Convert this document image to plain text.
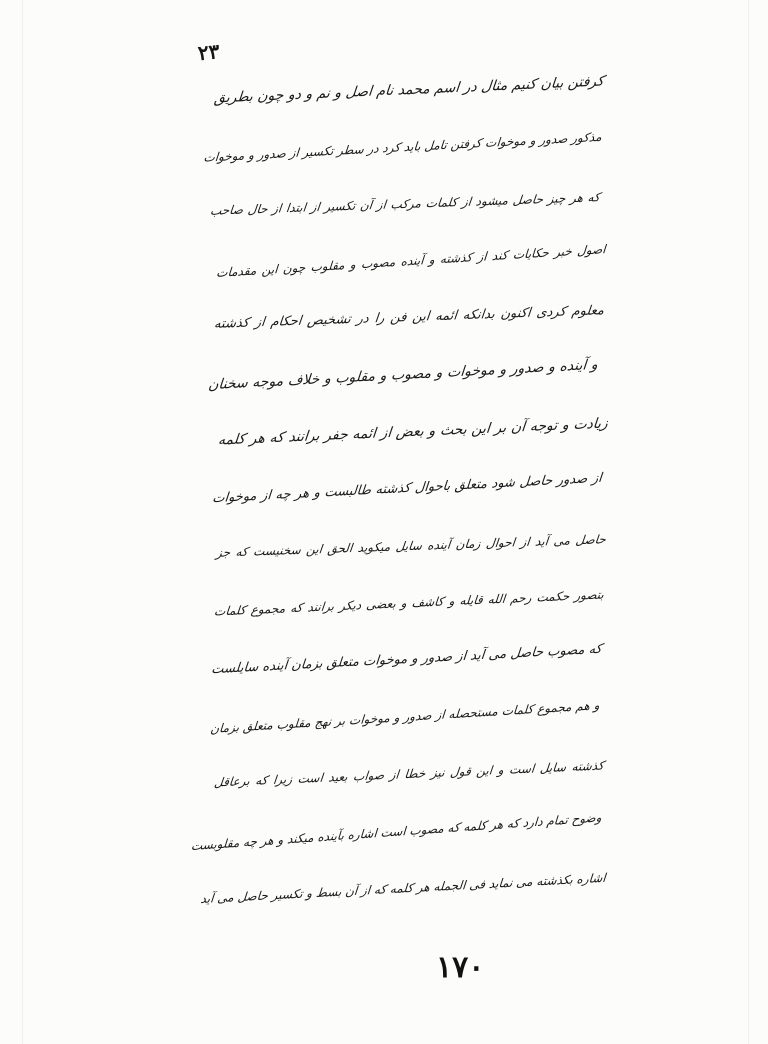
۲۳
کرفتن بیان کنیم مثال در اسم محمد نام اصل و نم و دو چون بطریق
مذکور صدور و موخوات کرفتن تامل باید کرد در سطر تکسیر از صدور و موخوات
که هر چیز حاصل میشود از کلمات مرکب از آن تکسیر از ابتدا از حال صاحب
اصول خبر حکایات کند از کذشته و آینده مصوب و مقلوب چون این مقدمات
معلوم کردی اکنون بدانکه ائمه این فن را در تشخیص احکام از کذشته
و آینده و صدور و موخوات و مصوب و مقلوب و خلاف موجه سخنان
زیادت و توجه آن بر این بحث و بعض از ائمه جفر برانند که هر کلمه
از صدور حاصل شود متعلق باحوال کذشته طالبست و هر چه از موخوات
حاصل می آید از احوال زمان آینده سایل میکوید الحق این سخنیست که جز
بتصور حکمت رحم الله قایله و کاشف و بعضی دیکر برانند که مجموع کلمات
که مصوب حاصل می آید از صدور و موخوات متعلق بزمان آینده سایلست
و هم مجموع کلمات مستحصله از صدور و موخوات بر نهج مقلوب متعلق بزمان
کذشته سایل است و این قول نیز خطا از صواب بعید است زیرا که برعاقل
وضوح تمام دارد که هر کلمه که مصوب است اشاره بآینده میکند و هر چه مقلوبست
اشاره بکذشته می نماید فی الجمله هر کلمه که از آن بسط و تکسیر حاصل می آید
۱۷۰
